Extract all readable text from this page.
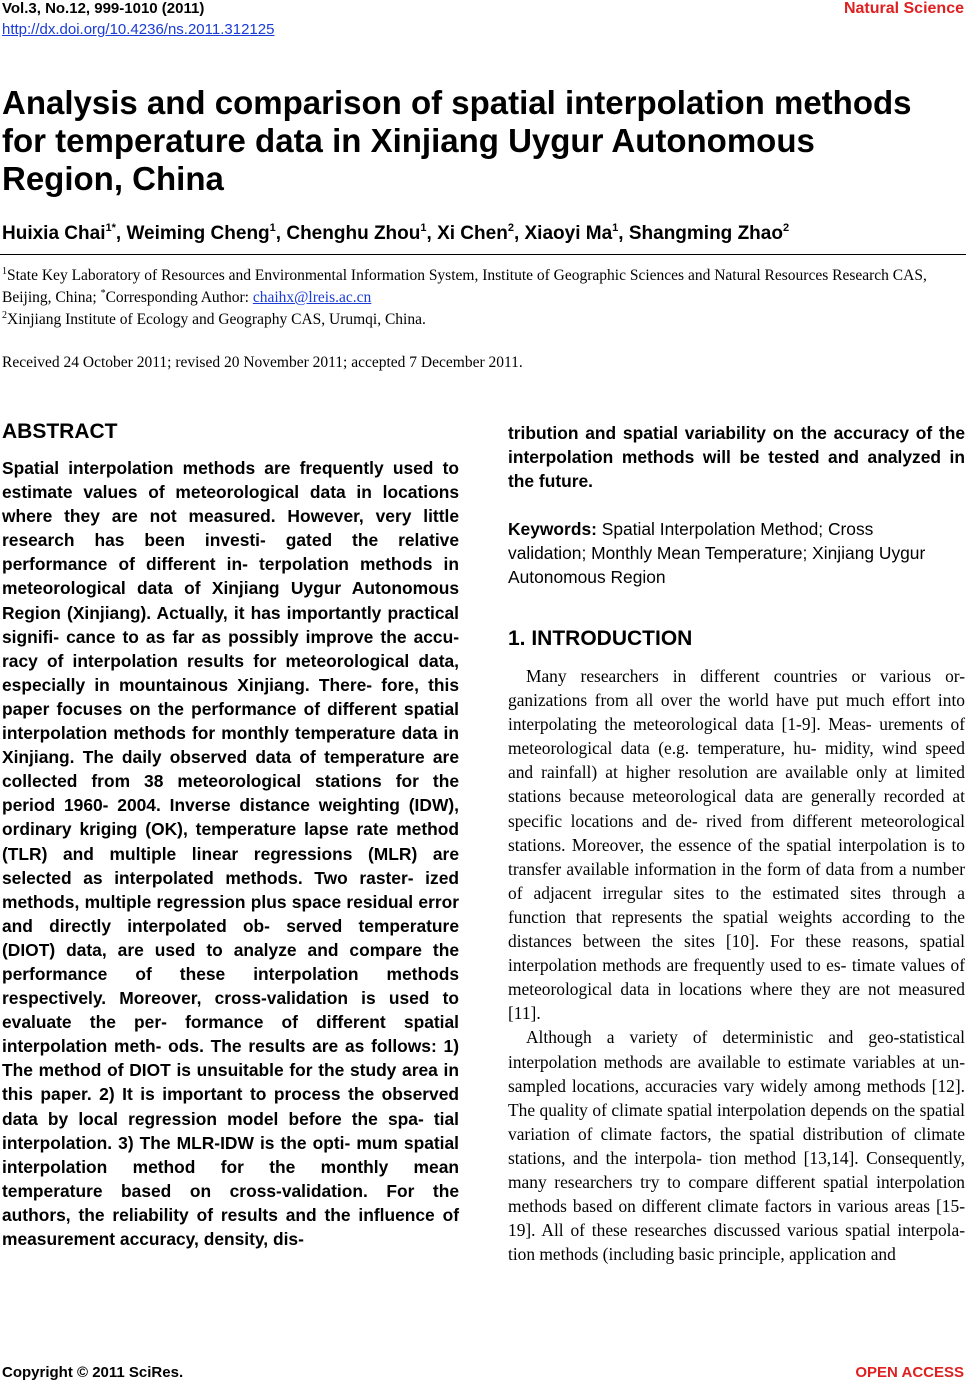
Vol.3, No.12, 999-1010 (2011)
http://dx.doi.org/10.4236/ns.2011.312125
Natural Science
Analysis and comparison of spatial interpolation methods for temperature data in Xinjiang Uygur Autonomous Region, China
Huixia Chai$^{1*}$, Weiming Cheng$^1$, Chenghu Zhou$^1$, Xi Chen$^2$, Xiaoyi Ma$^1$, Shangming Zhao$^2$
$^1$State Key Laboratory of Resources and Environmental Information System, Institute of Geographic Sciences and Natural Resources Research CAS, Beijing, China; *Corresponding Author: chaihx@lreis.ac.cn
$^2$Xinjiang Institute of Ecology and Geography CAS, Urumqi, China.
Received 24 October 2011; revised 20 November 2011; accepted 7 December 2011.
ABSTRACT
Spatial interpolation methods are frequently used to estimate values of meteorological data in locations where they are not measured. However, very little research has been investi- gated the relative performance of different in- terpolation methods in meteorological data of Xinjiang Uygur Autonomous Region (Xinjiang). Actually, it has importantly practical signifi- cance to as far as possibly improve the accu- racy of interpolation results for meteorological data, especially in mountainous Xinjiang. There- fore, this paper focuses on the performance of different spatial interpolation methods for monthly temperature data in Xinjiang. The daily observed data of temperature are collected from 38 meteorological stations for the period 1960- 2004. Inverse distance weighting (IDW), ordinary kriging (OK), temperature lapse rate method (TLR) and multiple linear regressions (MLR) are selected as interpolated methods. Two raster- ized methods, multiple regression plus space residual error and directly interpolated ob- served temperature (DIOT) data, are used to analyze and compare the performance of these interpolation methods respectively. Moreover, cross-validation is used to evaluate the per- formance of different spatial interpolation meth- ods. The results are as follows: 1) The method of DIOT is unsuitable for the study area in this paper. 2) It is important to process the observed data by local regression model before the spa- tial interpolation. 3) The MLR-IDW is the opti- mum spatial interpolation method for the monthly mean temperature based on cross-validation. For the authors, the reliability of results and the influence of measurement accuracy, density, dis-
tribution and spatial variability on the accuracy of the interpolation methods will be tested and analyzed in the future.
Keywords: Spatial Interpolation Method; Cross validation; Monthly Mean Temperature; Xinjiang Uygur Autonomous Region
1. INTRODUCTION

Many researchers in different countries or various or- ganizations from all over the world have put much effort into interpolating the meteorological data [1-9]. Meas- urements of meteorological data (e.g. temperature, hu- midity, wind speed and rainfall) at higher resolution are available only at limited stations because meteorological data are generally recorded at specific locations and de- rived from different meteorological stations. Moreover, the essence of the spatial interpolation is to transfer available information in the form of data from a number of adjacent irregular sites to the estimated sites through a function that represents the spatial weights according to the distances between the sites [10]. For these reasons, spatial interpolation methods are frequently used to es- timate values of meteorological data in locations where they are not measured [11].

Although a variety of deterministic and geo-statistical interpolation methods are available to estimate variables at un-sampled locations, accuracies vary widely among methods [12]. The quality of climate spatial interpolation depends on the spatial variation of climate factors, the spatial distribution of climate stations, and the interpola- tion method [13,14]. Consequently, many researchers try to compare different spatial interpolation methods based on different climate factors in various areas [15-19]. All of these researches discussed various spatial interpola- tion methods (including basic principle, application and

Copyright © 2011 SciRes.	OPEN ACCESS
